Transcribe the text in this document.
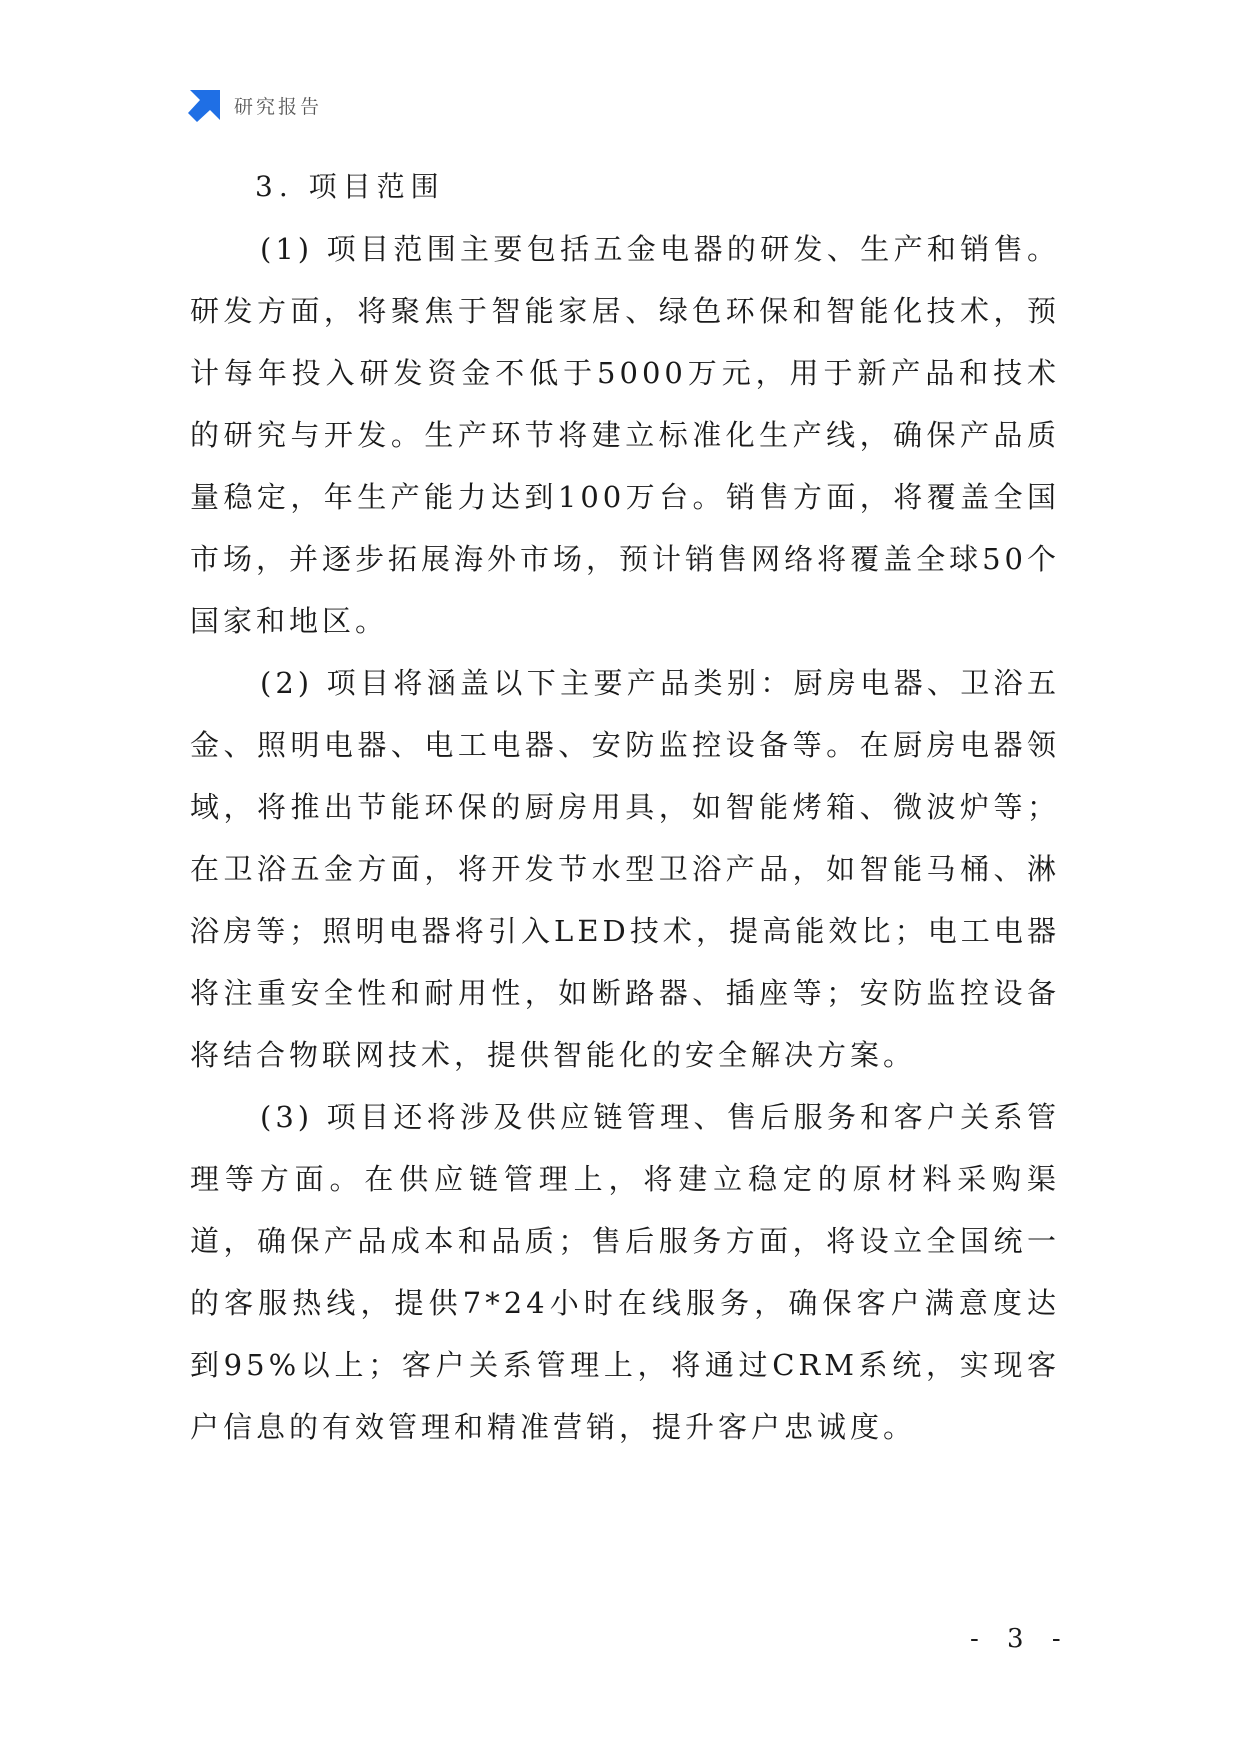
研究报告
3. 项目范围

(1) 项目范围主要包括五金电器的研发、生产和销售。研发方面，将聚焦于智能家居、绿色环保和智能化技术，预计每年投入研发资金不低于5000万元，用于新产品和技术的研究与开发。生产环节将建立标准化生产线，确保产品质量稳定，年生产能力达到100万台。销售方面，将覆盖全国市场，并逐步拓展海外市场，预计销售网络将覆盖全球50个国家和地区。

(2) 项目将涵盖以下主要产品类别：厨房电器、卫浴五金、照明电器、电工电器、安防监控设备等。在厨房电器领域，将推出节能环保的厨房用具，如智能烤箱、微波炉等；在卫浴五金方面，将开发节水型卫浴产品，如智能马桶、淋浴房等；照明电器将引入LED技术，提高能效比；电工电器将注重安全性和耐用性，如断路器、插座等；安防监控设备将结合物联网技术，提供智能化的安全解决方案。

(3) 项目还将涉及供应链管理、售后服务和客户关系管理等方面。在供应链管理上，将建立稳定的原材料采购渠道，确保产品成本和品质；售后服务方面，将设立全国统一的客服热线，提供7*24小时在线服务，确保客户满意度达到95%以上；客户关系管理上，将通过CRM系统，实现客户信息的有效管理和精准营销，提升客户忠诚度。

- 3 -
